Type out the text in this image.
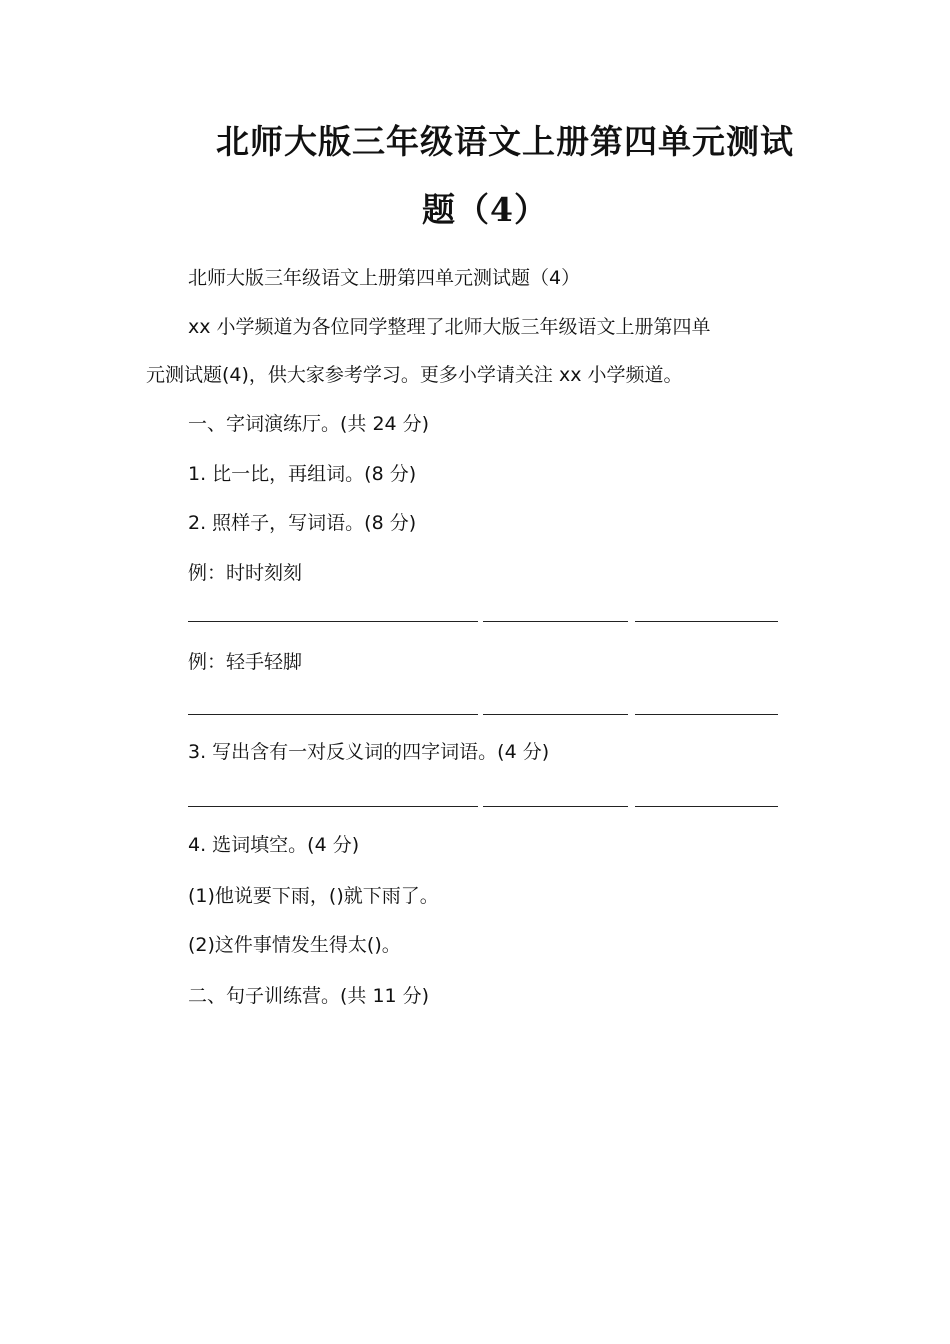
北师大版三年级语文上册第四单元测试
题（4）
北师大版三年级语文上册第四单元测试题（4）
xx 小学频道为各位同学整理了北师大版三年级语文上册第四单
元测试题(4)，供大家参考学习。更多小学请关注 xx 小学频道。
一、字词演练厅。(共 24 分)
1. 比一比，再组词。(8 分)
2. 照样子，写词语。(8 分)
例：时时刻刻
例：轻手轻脚
3. 写出含有一对反义词的四字词语。(4 分)
4. 选词填空。(4 分)
(1)他说要下雨，()就下雨了。
(2)这件事情发生得太()。
二、句子训练营。(共 11 分)
